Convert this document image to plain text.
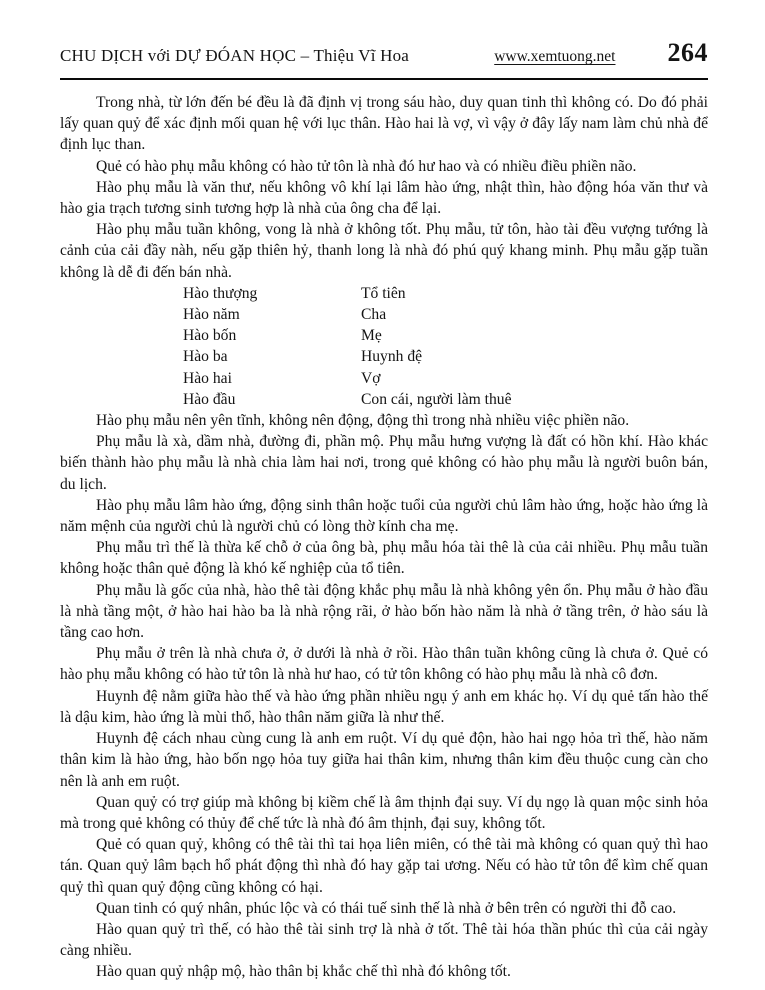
CHU DỊCH với DỰ ĐÓAN HỌC – Thiệu Vĩ Hoa	www.xemtuong.net 264

Trong nhà, từ lớn đến bé đều là đã định vị trong sáu hào, duy quan tinh thì không có. Do đó phải lấy quan quỷ để xác định mối quan hệ với lục thân. Hào hai là vợ, vì vậy ở đây lấy nam làm chủ nhà để định lục than.

Quẻ có hào phụ mẫu không có hào tử tôn là nhà đó hư hao và có nhiều điều phiền não.

Hào phụ mẫu là văn thư, nếu không vô khí lại lâm hào ứng, nhật thìn, hào động hóa văn thư và hào gia trạch tương sinh tương hợp là nhà của ông cha để lại.

Hào phụ mẫu tuần không, vong là nhà ở không tốt. Phụ mẫu, tử tôn, hào tài đều vượng tướng là cảnh của cải đầy nàh, nếu gặp thiên hỷ, thanh long là nhà đó phú quý khang minh. Phụ mẫu gặp tuần không là dễ đi đến bán nhà.

Hào thượng	Tổ tiên
Hào năm	Cha
Hào bốn	Mẹ
Hào ba	Huynh đệ
Hào hai	Vợ
Hào đầu	Con cái, người làm thuê

Hào phụ mẫu nên yên tĩnh, không nên động, động thì trong nhà nhiều việc phiền não.

Phụ mẫu là xà, dầm nhà, đường đi, phần mộ. Phụ mẫu hưng vượng là đất có hồn khí. Hào khác biến thành hào phụ mẫu là nhà chia làm hai nơi, trong quẻ không có hào phụ mẫu là người buôn bán, du lịch.

Hào phụ mẫu lâm hào ứng, động sinh thân hoặc tuổi của người chủ lâm hào ứng, hoặc hào ứng là năm mệnh của người chủ là người chủ có lòng thờ kính cha mẹ.

Phụ mẫu trì thế là thừa kế chỗ ở của ông bà, phụ mẫu hóa tài thê là của cải nhiều. Phụ mẫu tuần không hoặc thân quẻ động là khó kế nghiệp của tổ tiên.

Phụ mẫu là gốc của nhà, hào thê tài động khắc phụ mẫu là nhà không yên ổn. Phụ mẫu ở hào đầu là nhà tầng một, ở hào hai hào ba là nhà rộng rãi, ở hào bốn hào năm là nhà ở tầng trên, ở hào sáu là tầng cao hơn.

Phụ mẫu ở trên là nhà chưa ở, ở dưới là nhà ở rồi. Hào thân tuần không cũng là chưa ở. Quẻ có hào phụ mẫu không có hào tử tôn là nhà hư hao, có tử tôn không có hào phụ mẫu là nhà cô đơn.

Huynh đệ nằm giữa hào thế và hào ứng phần nhiều ngụ ý anh em khác họ. Ví dụ quẻ tấn hào thế là dậu kim, hào ứng là mùi thổ, hào thân năm giữa là như thế.

Huynh đệ cách nhau cùng cung là anh em ruột. Ví dụ quẻ độn, hào hai ngọ hỏa trì thế, hào năm thân kim là hào ứng, hào bốn ngọ hỏa tuy giữa hai thân kim, nhưng thân kim đều thuộc cung càn cho nên là anh em ruột.

Quan quỷ có trợ giúp mà không bị kiềm chế là âm thịnh đại suy. Ví dụ ngọ là quan mộc sinh hỏa mà trong quẻ không có thủy để chế tức là nhà đó âm thịnh, đại suy, không tốt.

Quẻ có quan quỷ, không có thê tài thì tai họa liên miên, có thê tài mà không có quan quỷ thì hao tán. Quan quỷ lâm bạch hổ phát động thì nhà đó hay gặp tai ương. Nếu có hào tử tôn để kìm chế quan quỷ thì quan quỷ động cũng không có hại.

Quan tinh có quý nhân, phúc lộc và có thái tuế sinh thế là nhà ở bên trên có người thi đỗ cao.

Hào quan quỷ trì thế, có hào thê tài sinh trợ là nhà ở tốt. Thê tài hóa thần phúc thì của cải ngày càng nhiều.

Hào quan quỷ nhập mộ, hào thân bị khắc chế thì nhà đó không tốt.
